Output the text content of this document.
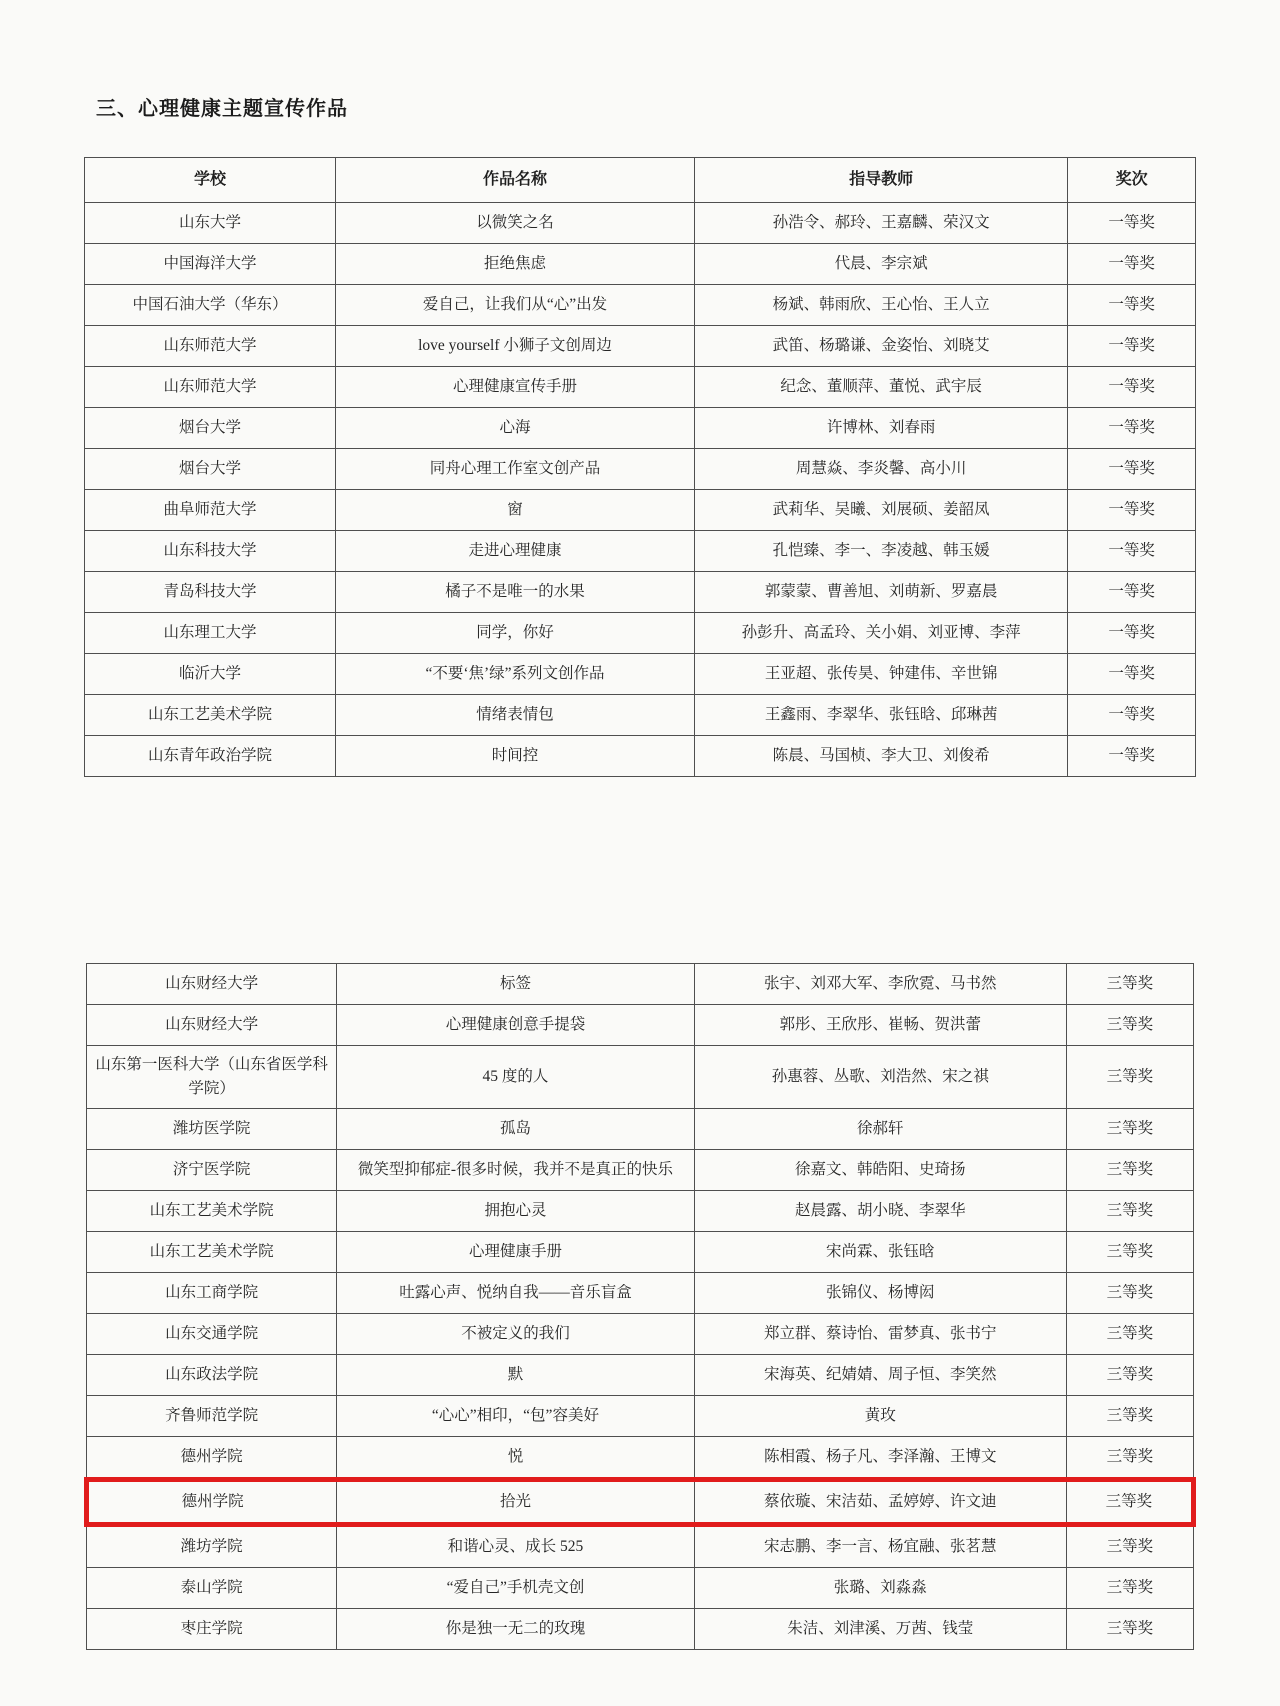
三、心理健康主题宣传作品
学校	作品名称	指导教师	奖次
山东大学	以微笑之名	孙浩令、郝玲、王嘉麟、荣汉文	一等奖
中国海洋大学	拒绝焦虑	代晨、李宗斌	一等奖
中国石油大学（华东）	爱自己，让我们从“心”出发	杨斌、韩雨欣、王心怡、王人立	一等奖
山东师范大学	love yourself 小狮子文创周边	武笛、杨璐谦、金姿怡、刘晓艾	一等奖
山东师范大学	心理健康宣传手册	纪念、董顺萍、董悦、武宇辰	一等奖
烟台大学	心海	许博林、刘春雨	一等奖
烟台大学	同舟心理工作室文创产品	周慧焱、李炎馨、高小川	一等奖
曲阜师范大学	窗	武莉华、吴曦、刘展硕、姜韶凤	一等奖
山东科技大学	走进心理健康	孔恺臻、李一、李凌越、韩玉媛	一等奖
青岛科技大学	橘子不是唯一的水果	郭蒙蒙、曹善旭、刘萌新、罗嘉晨	一等奖
山东理工大学	同学，你好	孙彭升、高孟玲、关小娟、刘亚博、李萍	一等奖
临沂大学	“不要‘焦’绿”系列文创作品	王亚超、张传昊、钟建伟、辛世锦	一等奖
山东工艺美术学院	情绪表情包	王鑫雨、李翠华、张钰晗、邱琳茜	一等奖
山东青年政治学院	时间控	陈晨、马国桢、李大卫、刘俊希	一等奖
山东财经大学	标签	张宇、刘邓大军、李欣霓、马书然	三等奖
山东财经大学	心理健康创意手提袋	郭彤、王欣彤、崔畅、贺洪蕾	三等奖
山东第一医科大学（山东省医学科学院）	45 度的人	孙惠蓉、丛歌、刘浩然、宋之祺	三等奖
潍坊医学院	孤岛	徐郝轩	三等奖
济宁医学院	微笑型抑郁症-很多时候，我并不是真正的快乐	徐嘉文、韩皓阳、史琦扬	三等奖
山东工艺美术学院	拥抱心灵	赵晨露、胡小晓、李翠华	三等奖
山东工艺美术学院	心理健康手册	宋尚霖、张钰晗	三等奖
山东工商学院	吐露心声、悦纳自我——音乐盲盒	张锦仪、杨博闳	三等奖
山东交通学院	不被定义的我们	郑立群、蔡诗怡、雷梦真、张书宁	三等奖
山东政法学院	默	宋海英、纪婧婧、周子恒、李笑然	三等奖
齐鲁师范学院	“心心”相印，“包”容美好	黄玫	三等奖
德州学院	悦	陈相霞、杨子凡、李泽瀚、王博文	三等奖
德州学院	拾光	蔡依璇、宋洁茹、孟婷婷、许文迪	三等奖
潍坊学院	和谐心灵、成长 525	宋志鹏、李一言、杨宜融、张茗慧	三等奖
泰山学院	“爱自己”手机壳文创	张璐、刘淼淼	三等奖
枣庄学院	你是独一无二的玫瑰	朱洁、刘津溪、万茜、钱莹	三等奖
